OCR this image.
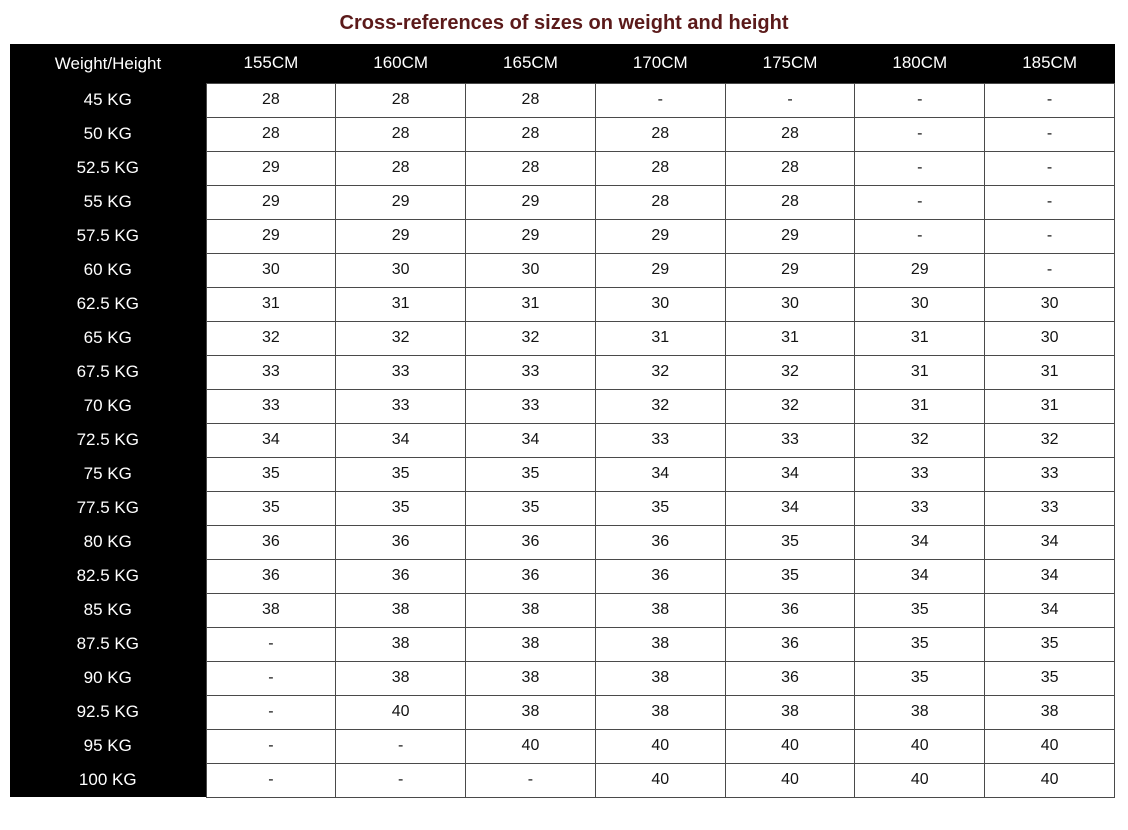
Cross-references of sizes on weight and height
Weight/Height	155CM	160CM	165CM	170CM	175CM	180CM	185CM
45 KG	28	28	28	-	-	-	-
50 KG	28	28	28	28	28	-	-
52.5 KG	29	28	28	28	28	-	-
55 KG	29	29	29	28	28	-	-
57.5 KG	29	29	29	29	29	-	-
60 KG	30	30	30	29	29	29	-
62.5 KG	31	31	31	30	30	30	30
65 KG	32	32	32	31	31	31	30
67.5 KG	33	33	33	32	32	31	31
70 KG	33	33	33	32	32	31	31
72.5 KG	34	34	34	33	33	32	32
75 KG	35	35	35	34	34	33	33
77.5 KG	35	35	35	35	34	33	33
80 KG	36	36	36	36	35	34	34
82.5 KG	36	36	36	36	35	34	34
85 KG	38	38	38	38	36	35	34
87.5 KG	-	38	38	38	36	35	35
90 KG	-	38	38	38	36	35	35
92.5 KG	-	40	38	38	38	38	38
95 KG	-	-	40	40	40	40	40
100 KG	-	-	-	40	40	40	40
